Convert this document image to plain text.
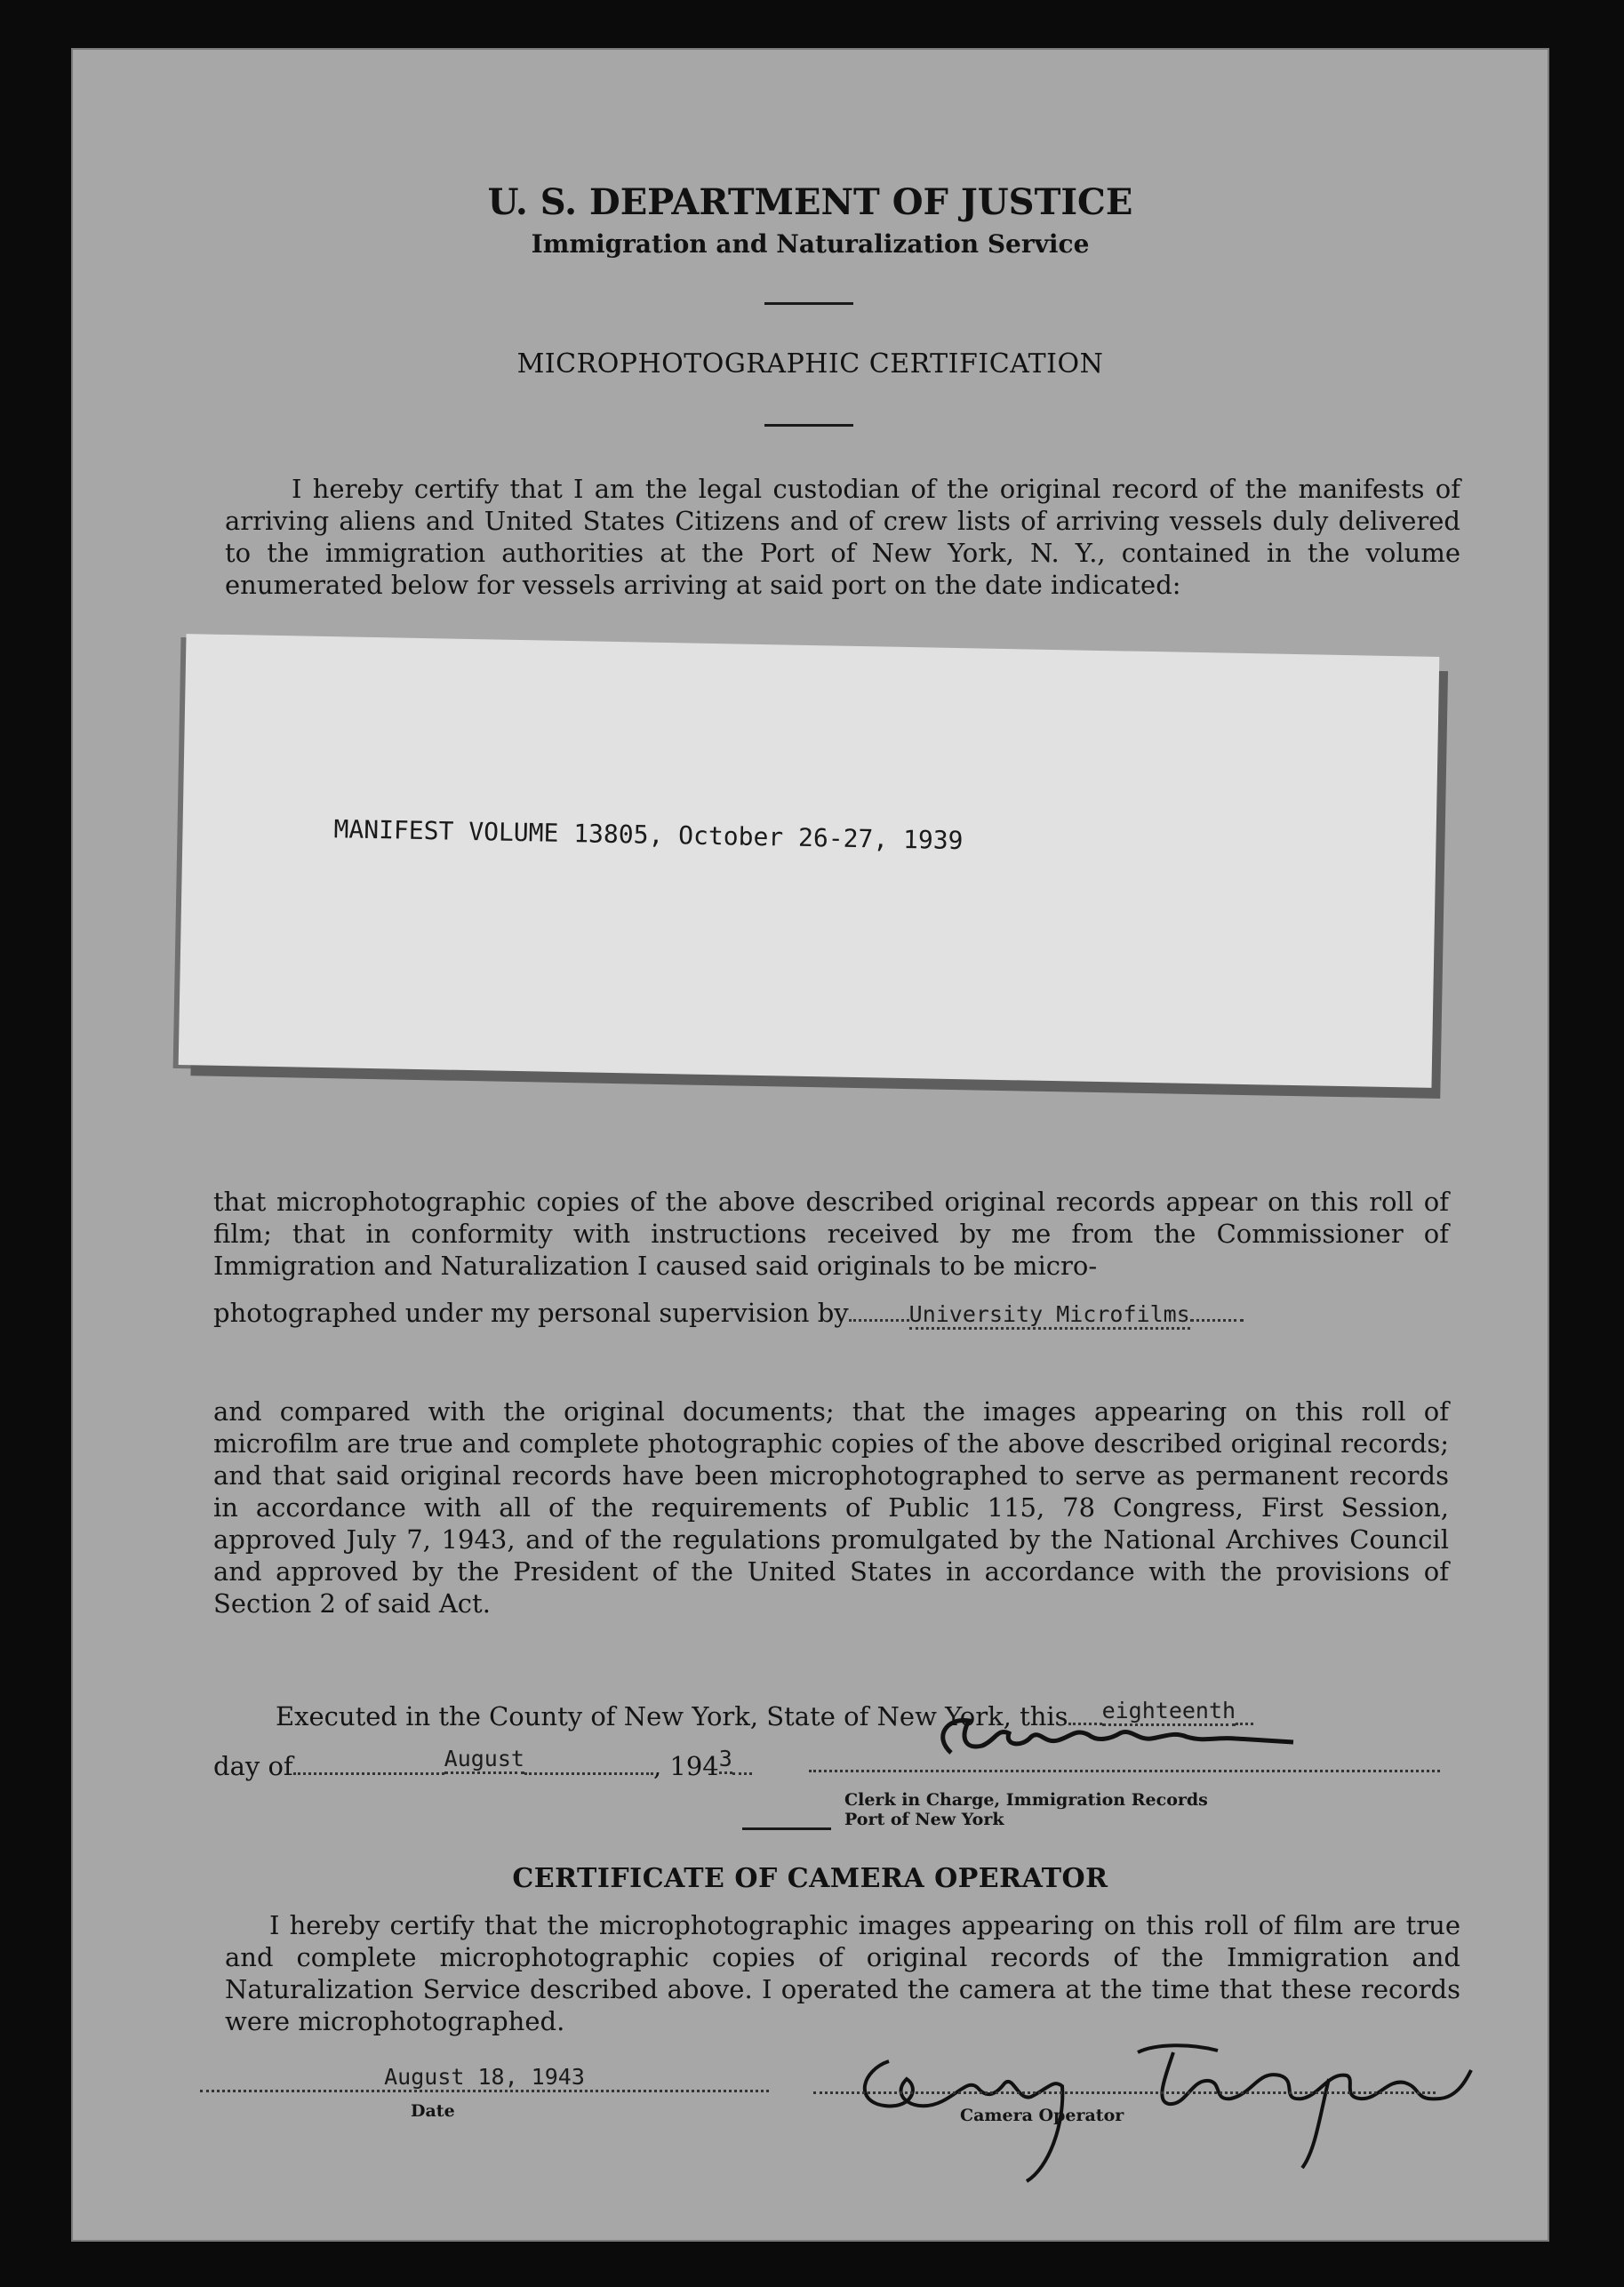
U. S. DEPARTMENT OF JUSTICE
Immigration and Naturalization Service
MICROPHOTOGRAPHIC CERTIFICATION
I hereby certify that I am the legal custodian of the original record of the manifests of arriving aliens and United States Citizens and of crew lists of arriving vessels duly delivered to the immigration authorities at the Port of New York, N. Y., contained in the volume enumerated below for vessels arriving at said port on the date indicated:
MANIFEST VOLUME 13805, October 26-27, 1939
that microphotographic copies of the above described original records appear on this roll of film; that in conformity with instructions received by me from the Commissioner of Immigration and Naturalization I caused said originals to be micro-
photographed under my personal supervision by	University Microfilms
and compared with the original documents; that the images appearing on this roll of microfilm are true and complete photographic copies of the above described original records; and that said original records have been microphotographed to serve as permanent records in accordance with all of the requirements of Public 115, 78 Congress, First Session, approved July 7, 1943, and of the regulations promulgated by the National Archives Council and approved by the President of the United States in accordance with the provisions of Section 2 of said Act.
Executed in the County of New York, State of New York, this eighteenth
day of	August	, 1943
Clerk in Charge, Immigration Records
Port of New York
CERTIFICATE OF CAMERA OPERATOR
I hereby certify that the microphotographic images appearing on this roll of film are true and complete microphotographic copies of original records of the Immigration and Naturalization Service described above. I operated the camera at the time that these records were microphotographed.
August 18, 1943
Date	Camera Operator
